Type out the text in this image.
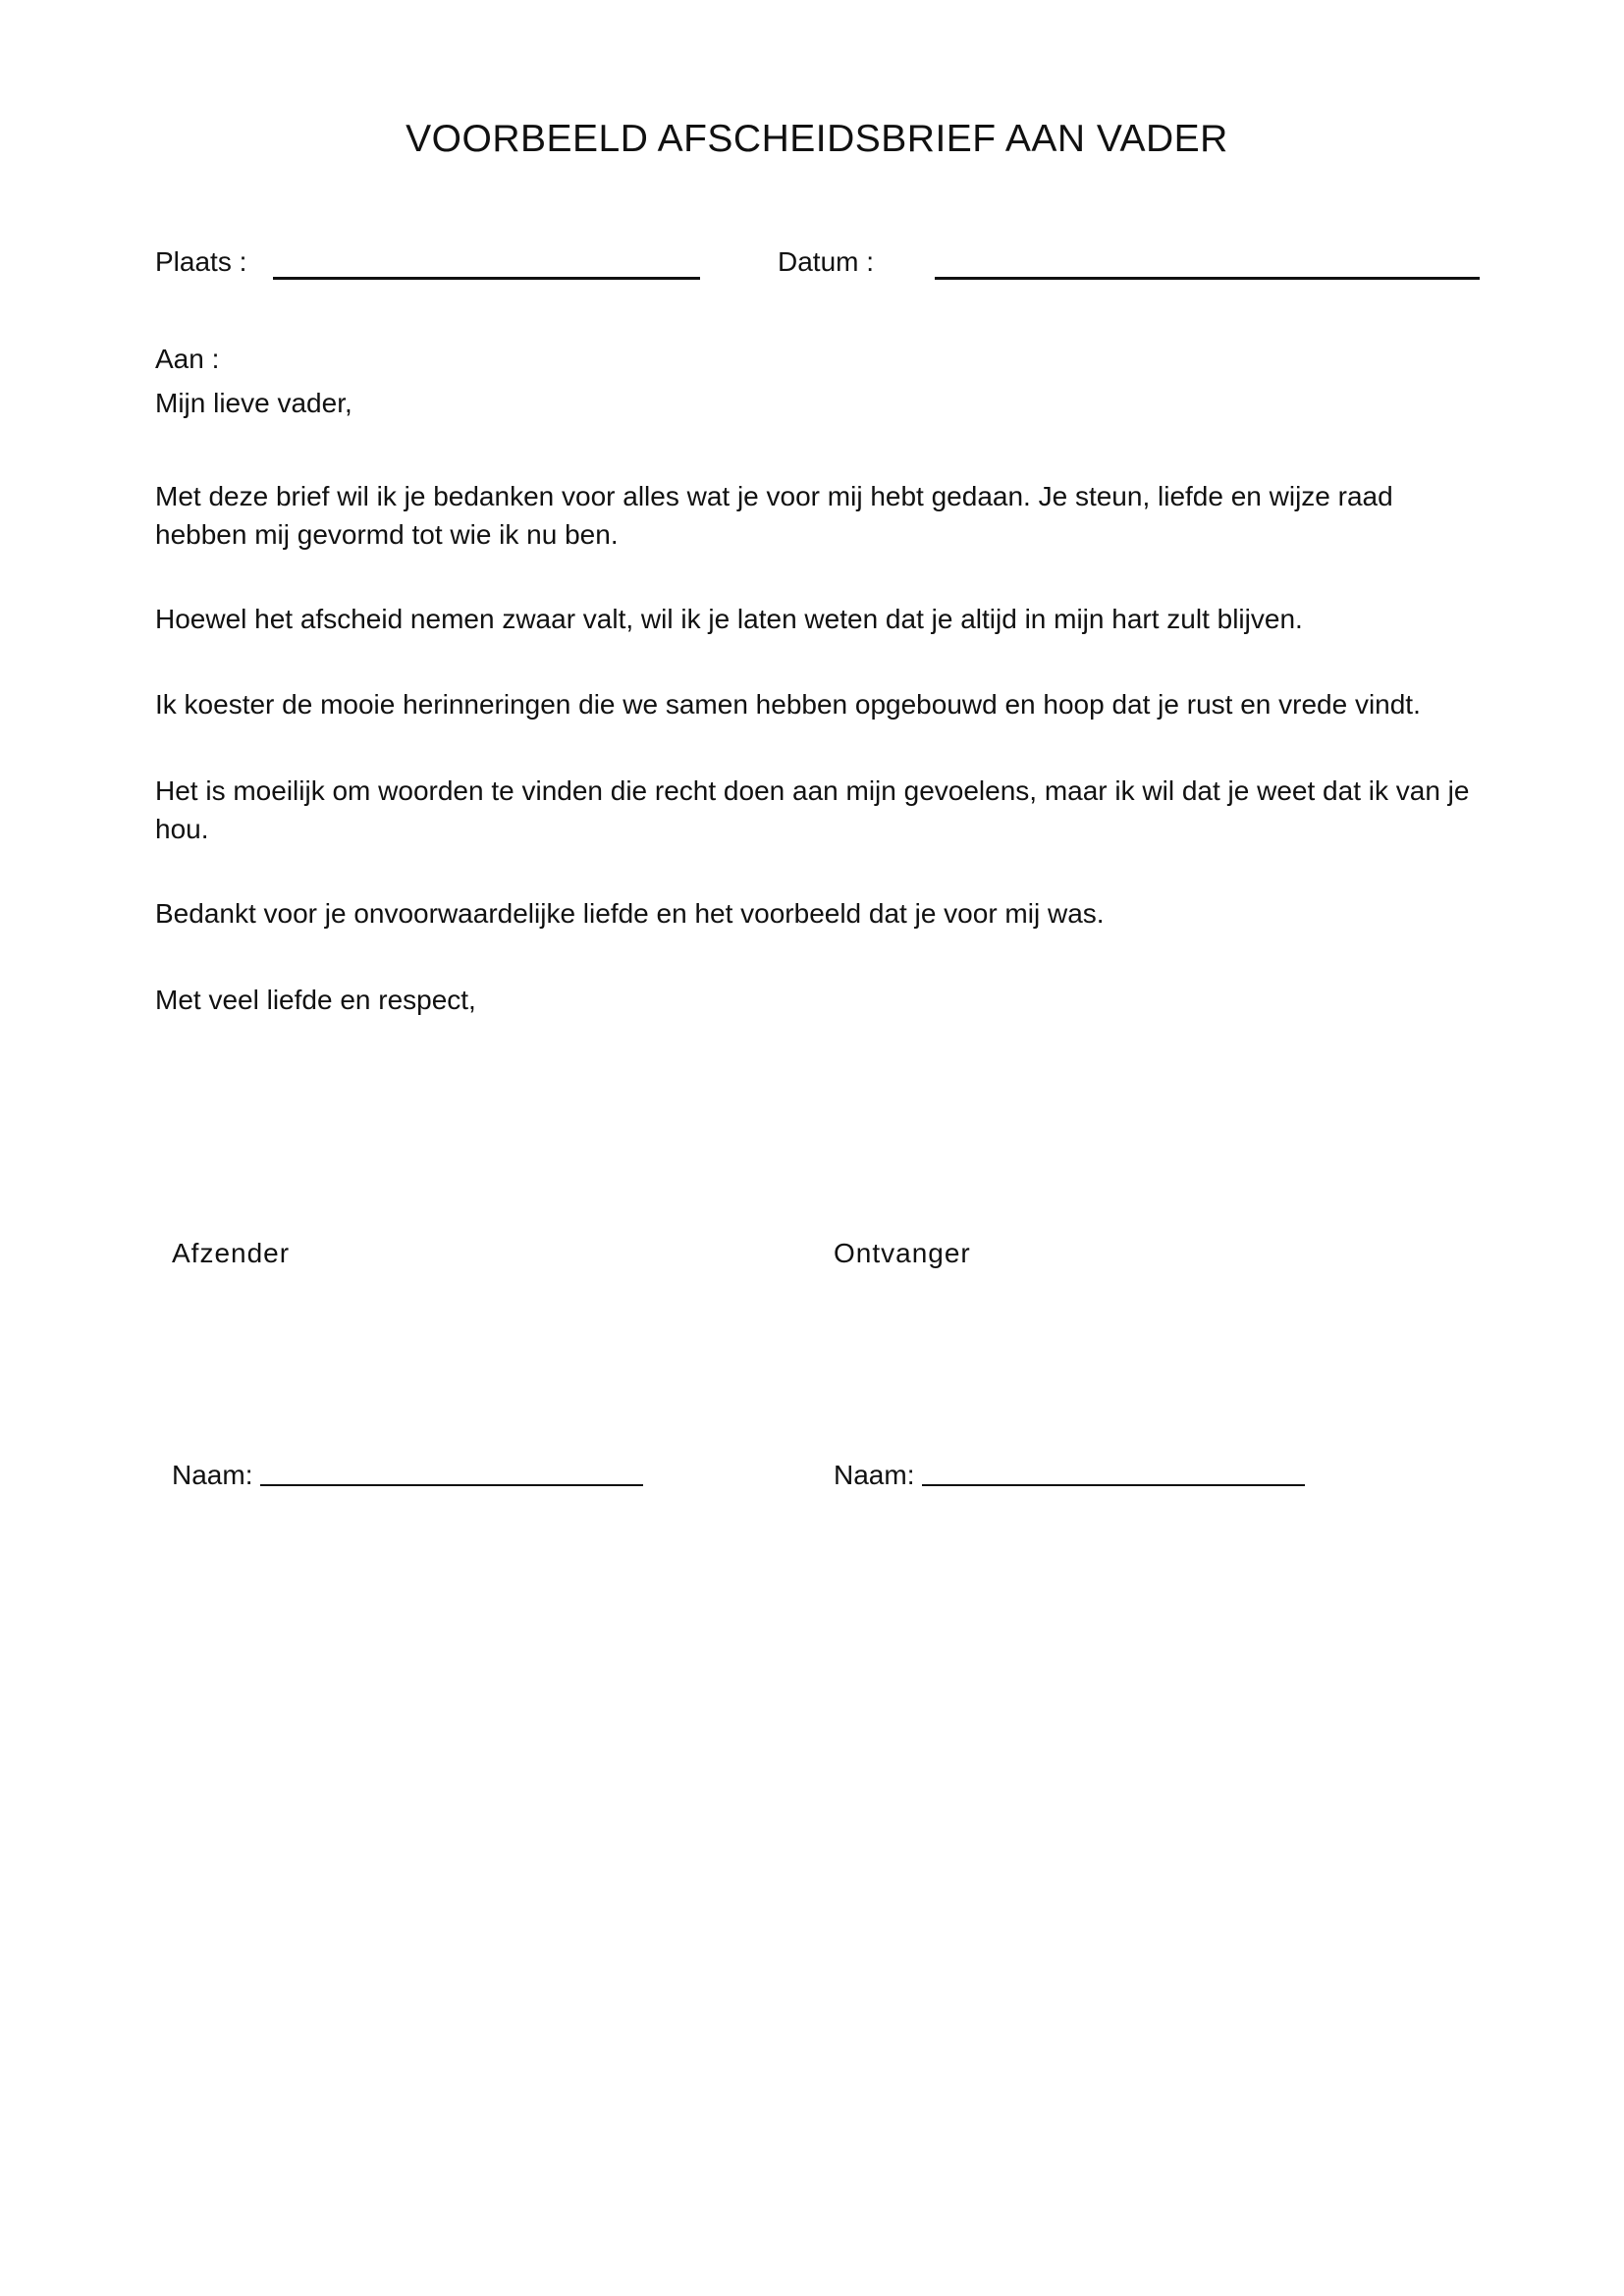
VOORBEELD AFSCHEIDSBRIEF AAN VADER
Plaats :	Datum :

Aan :

Mijn lieve vader,

Met deze brief wil ik je bedanken voor alles wat je voor mij hebt gedaan. Je steun, liefde en wijze raad hebben mij gevormd tot wie ik nu ben.

Hoewel het afscheid nemen zwaar valt, wil ik je laten weten dat je altijd in mijn hart zult blijven.

Ik koester de mooie herinneringen die we samen hebben opgebouwd en hoop dat je rust en vrede vindt.

Het is moeilijk om woorden te vinden die recht doen aan mijn gevoelens, maar ik wil dat je weet dat ik van je hou.

Bedankt voor je onvoorwaardelijke liefde en het voorbeeld dat je voor mij was.

Met veel liefde en respect,

Afzender	Ontvanger
Naam:	Naam:
